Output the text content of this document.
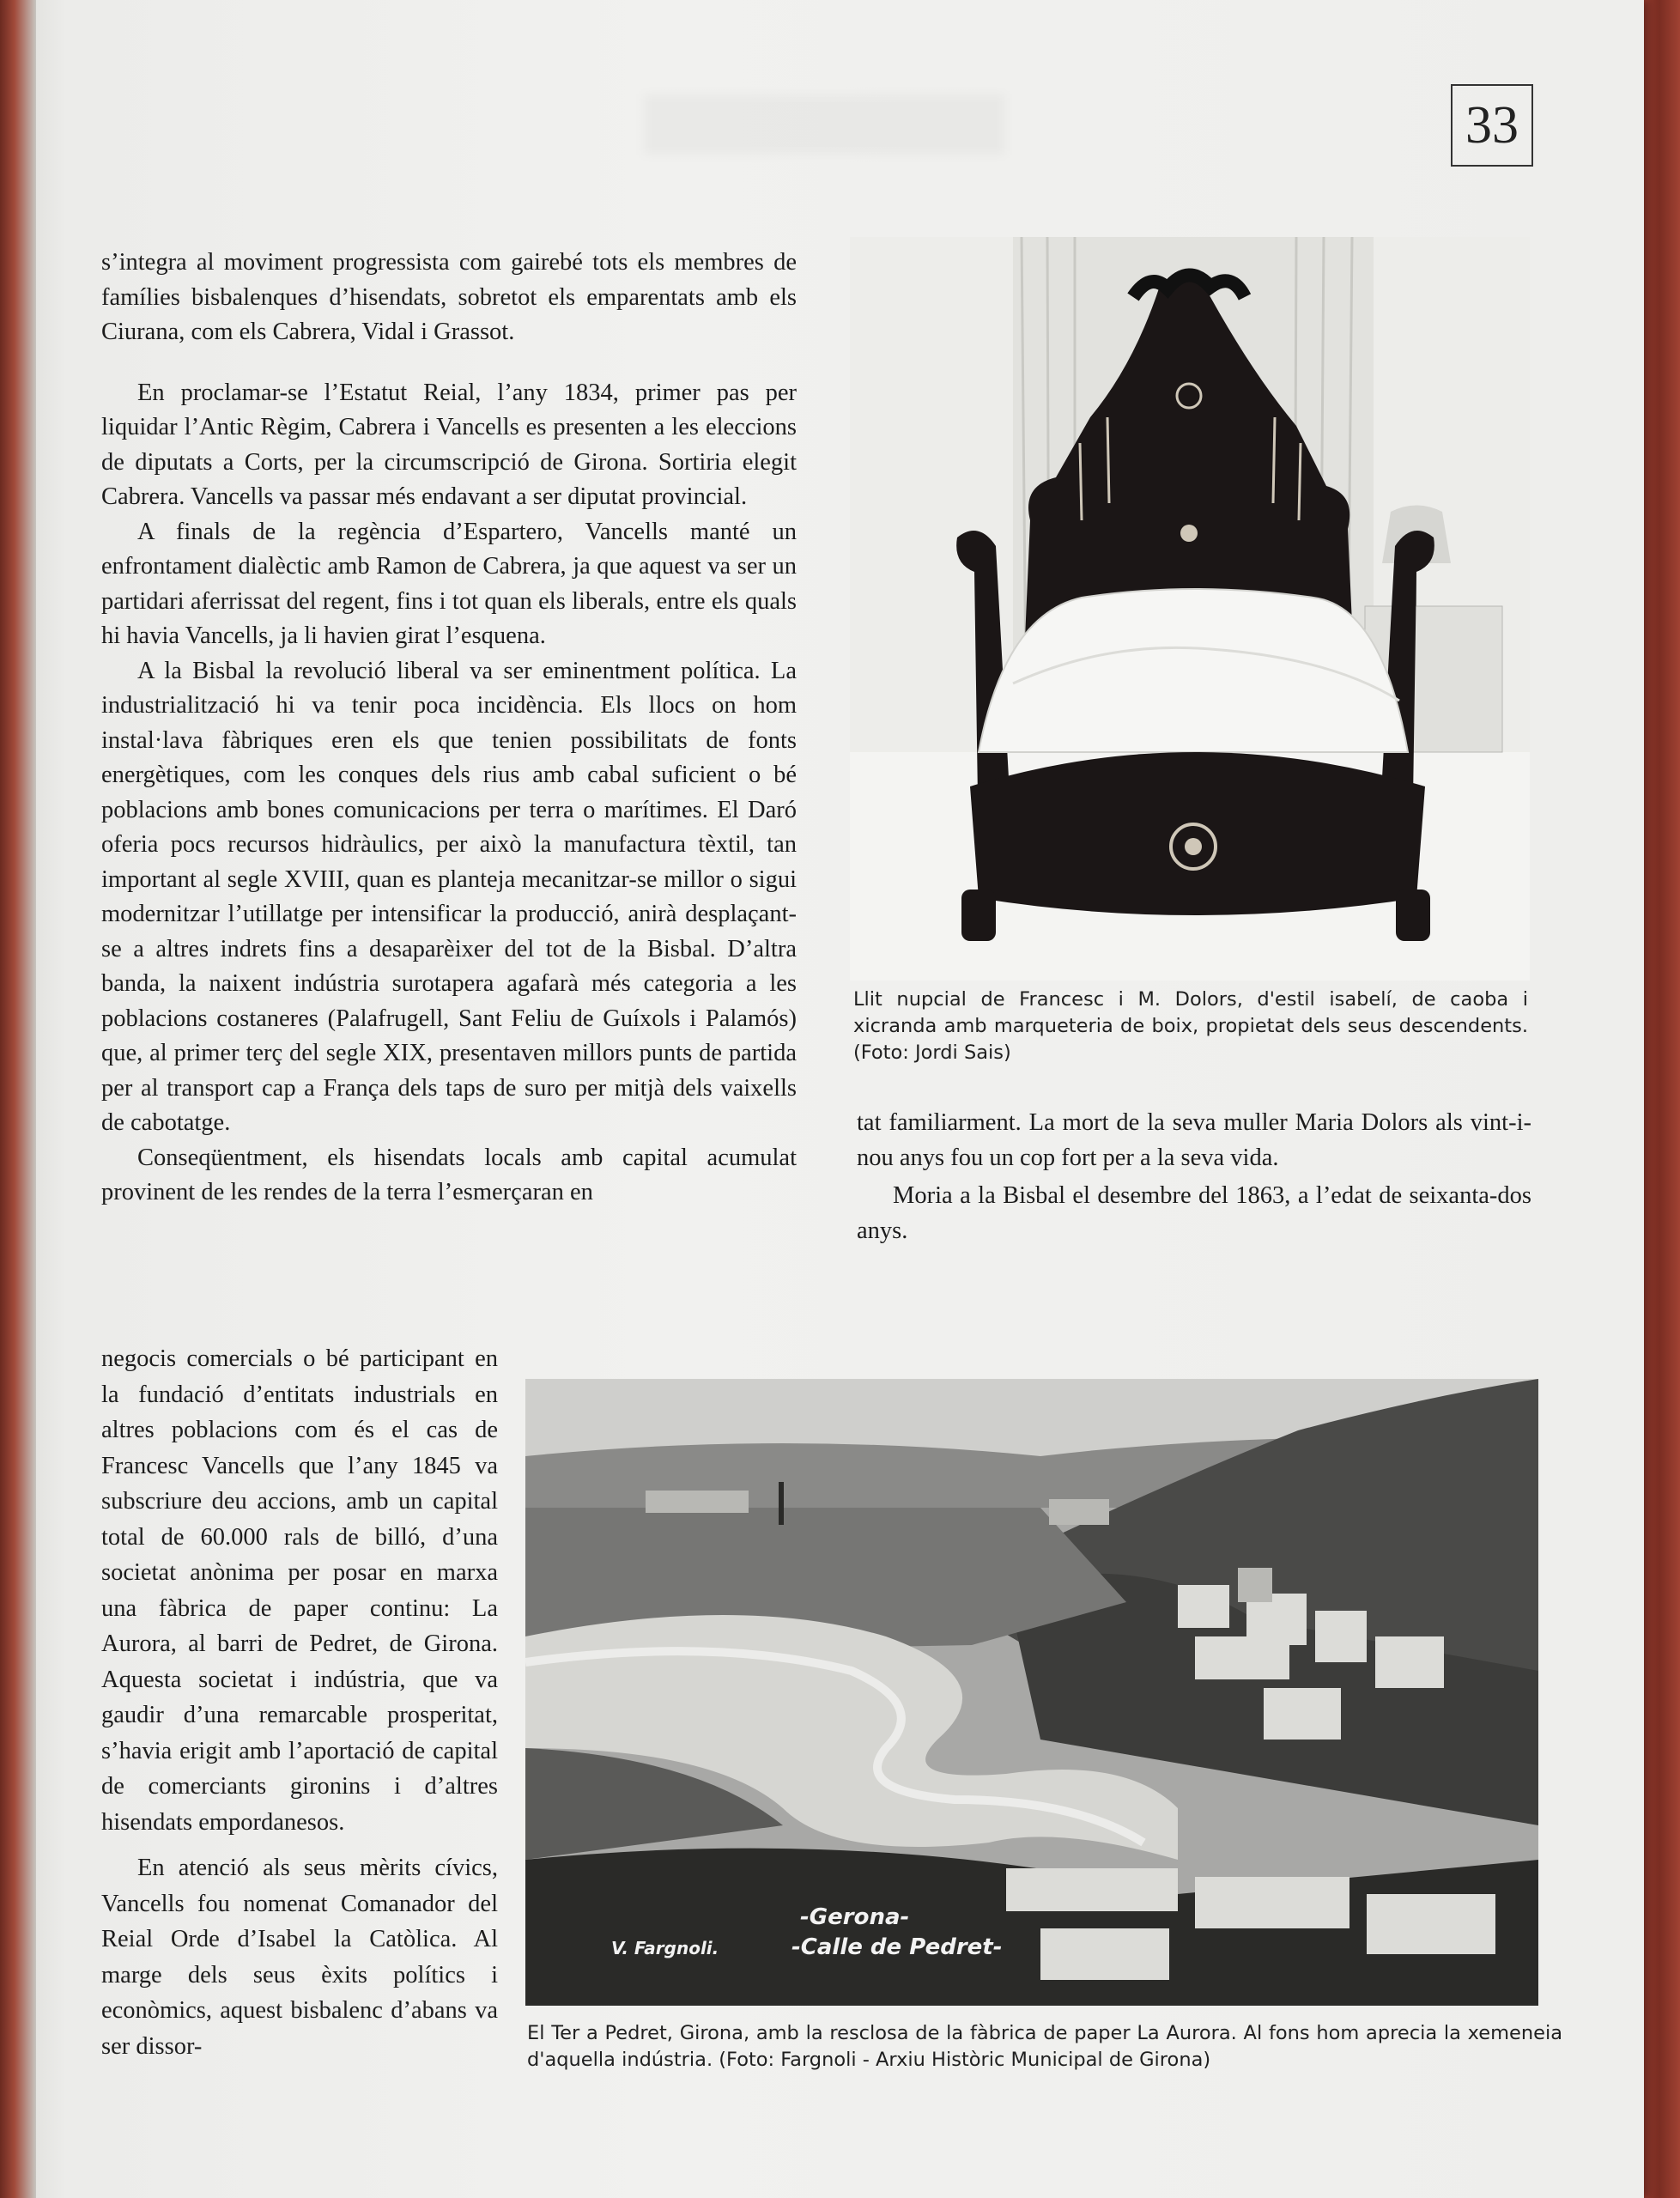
33

s’integra al moviment progressista com gairebé tots els membres de famílies bisbalenques d’hisendats, sobretot els emparentats amb els Ciurana, com els Cabrera, Vidal i Grassot.

En proclamar-se l’Estatut Reial, l’any 1834, primer pas per liquidar l’Antic Règim, Cabrera i Vancells es presenten a les eleccions de diputats a Corts, per la circumscripció de Girona. Sortiria elegit Cabrera. Vancells va passar més endavant a ser diputat provincial.

A finals de la regència d’Espartero, Vancells manté un enfrontament dialèctic amb Ramon de Cabrera, ja que aquest va ser un partidari aferrissat del regent, fins i tot quan els liberals, entre els quals hi havia Vancells, ja li havien girat l’esquena.

A la Bisbal la revolució liberal va ser eminentment política. La industrialització hi va tenir poca incidència. Els llocs on hom instal·lava fàbriques eren els que tenien possibilitats de fonts energètiques, com les conques dels rius amb cabal suficient o bé poblacions amb bones comunicacions per terra o marítimes. El Daró oferia pocs recursos hidràulics, per això la manufactura tèxtil, tan important al segle XVIII, quan es planteja mecanitzar-se millor o sigui modernitzar l’utillatge per intensificar la producció, anirà desplaçant-se a altres indrets fins a desaparèixer del tot de la Bisbal. D’altra banda, la naixent indústria surotapera agafarà més categoria a les poblacions costaneres (Palafrugell, Sant Feliu de Guíxols i Palamós) que, al primer terç del segle XIX, presentaven millors punts de partida per al transport cap a França dels taps de suro per mitjà dels vaixells de cabotatge.

Conseqüentment, els hisendats locals amb capital acumulat provinent de les rendes de la terra l’esmerçaran en

negocis comercials o bé participant en la fundació d’entitats industrials en altres poblacions com és el cas de Francesc Vancells que l’any 1845 va subscriure deu accions, amb un capital total de 60.000 rals de billó, d’una societat anònima per posar en marxa una fàbrica de paper continu: La Aurora, al barri de Pedret, de Girona. Aquesta societat i indústria, que va gaudir d’una remarcable prosperitat, s’havia erigit amb l’aportació de capital de comerciants gironins i d’altres hisendats empordanesos.

En atenció als seus mèrits cívics, Vancells fou nomenat Comanador del Reial Orde d’Isabel la Catòlica. Al marge dels seus èxits polítics i econòmics, aquest bisbalenc d’abans va ser dissor-

tat familiarment. La mort de la seva muller Maria Dolors als vint-i-nou anys fou un cop fort per a la seva vida.

Moria a la Bisbal el desembre del 1863, a l’edat de seixanta-dos anys.

Llit nupcial de Francesc i M. Dolors, d'estil isabelí, de caoba i xicranda amb marqueteria de boix, propietat dels seus descendents. (Foto: Jordi Sais)
V. Fargnoli.
-Gerona-
-Calle de Pedret-
El Ter a Pedret, Girona, amb la resclosa de la fàbrica de paper La Aurora. Al fons hom aprecia la xemeneia d'aquella indústria. (Foto: Fargnoli - Arxiu Històric Municipal de Girona)
